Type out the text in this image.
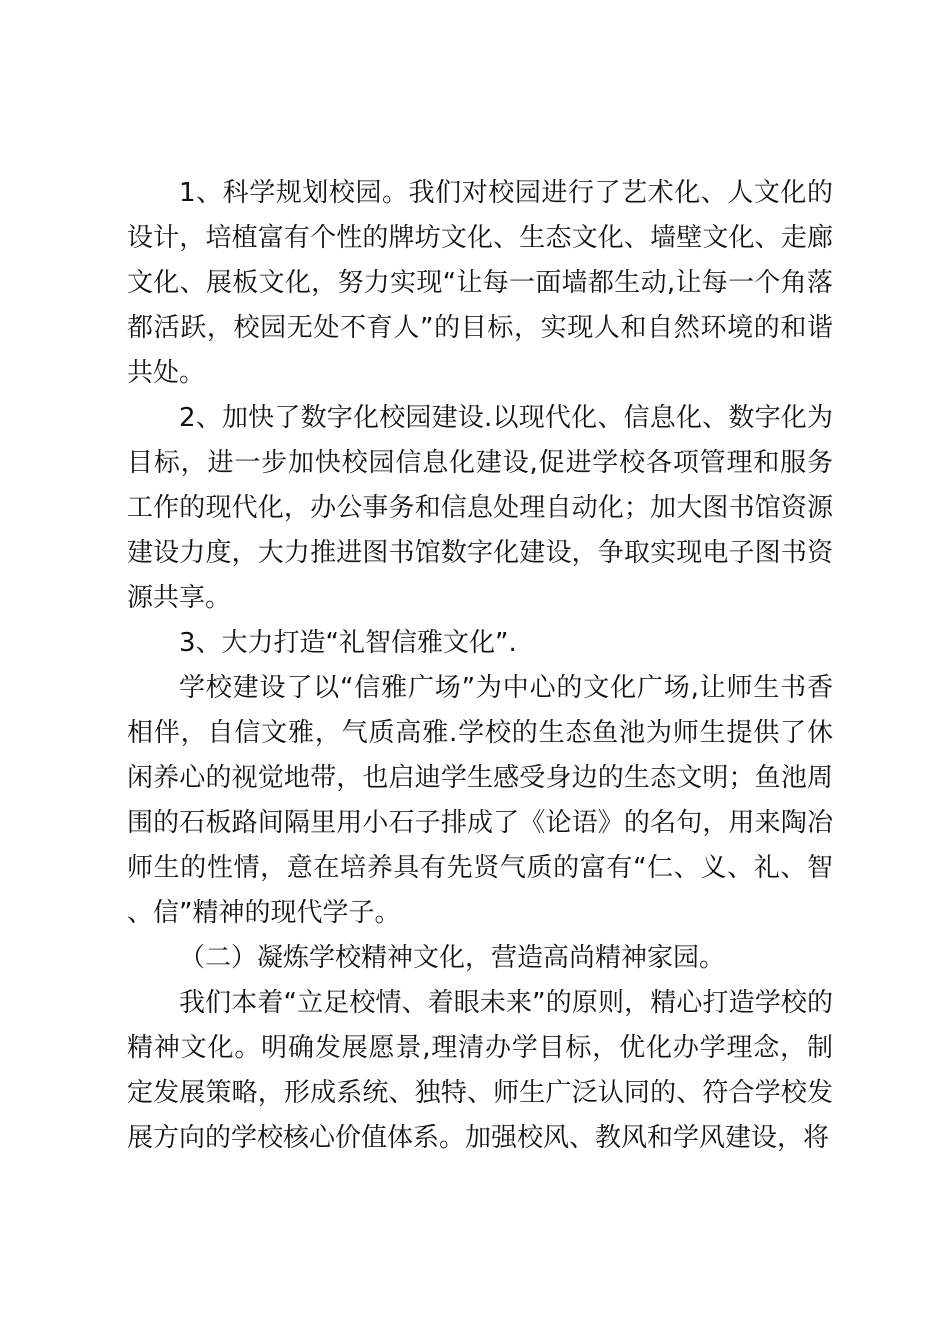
1、科学规划校园。我们对校园进行了艺术化、人文化的设计，培植富有个性的牌坊文化、生态文化、墙壁文化、走廊文化、展板文化，努力实现“让每一面墙都生动,让每一个角落都活跃，校园无处不育人”的目标，实现人和自然环境的和谐共处。

2、加快了数字化校园建设.以现代化、信息化、数字化为目标，进一步加快校园信息化建设,促进学校各项管理和服务工作的现代化，办公事务和信息处理自动化；加大图书馆资源建设力度，大力推进图书馆数字化建设，争取实现电子图书资源共享。

3、大力打造“礼智信雅文化”.

学校建设了以“信雅广场”为中心的文化广场,让师生书香相伴，自信文雅，气质高雅.学校的生态鱼池为师生提供了休闲养心的视觉地带，也启迪学生感受身边的生态文明；鱼池周围的石板路间隔里用小石子排成了《论语》的名句，用来陶冶师生的性情，意在培养具有先贤气质的富有“仁、义、礼、智、信”精神的现代学子。

（二）凝炼学校精神文化，营造高尚精神家园。

我们本着“立足校情、着眼未来”的原则，精心打造学校的精神文化。明确发展愿景,理清办学目标，优化办学理念，制定发展策略，形成系统、独特、师生广泛认同的、符合学校发展方向的学校核心价值体系。加强校风、教风和学风建设，将
